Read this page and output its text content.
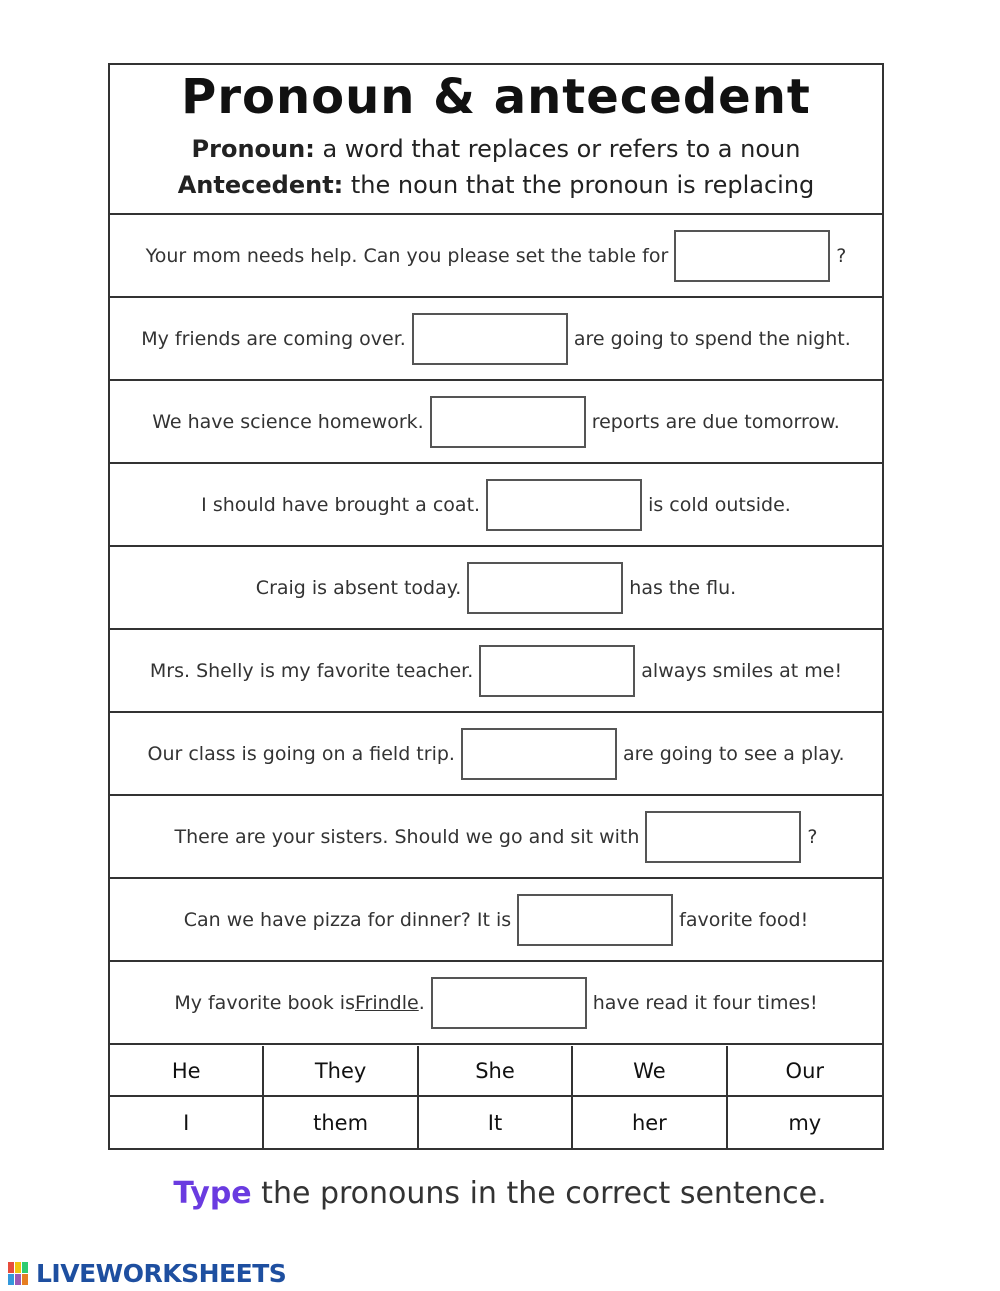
Pronoun & antecedent
Pronoun: a word that replaces or refers to a noun
Antecedent: the noun that the pronoun is replacing
Your mom needs help. Can you please set the table for	?
My friends are coming over.	are going to spend the night.
We have science homework.	reports are due tomorrow.
I should have brought a coat.	is cold outside.
Craig is absent today.	has the flu.
Mrs. Shelly is my favorite teacher.	always smiles at me!
Our class is going on a field trip.	are going to see a play.
There are your sisters. Should we go and sit with	?
Can we have pizza for dinner? It is	favorite food!
My favorite book isFrindle.	have read it four times!
He	They	She	We	Our
I	them	It	her	my
Type the pronouns in the correct sentence.
LIVEWORKSHEETS
